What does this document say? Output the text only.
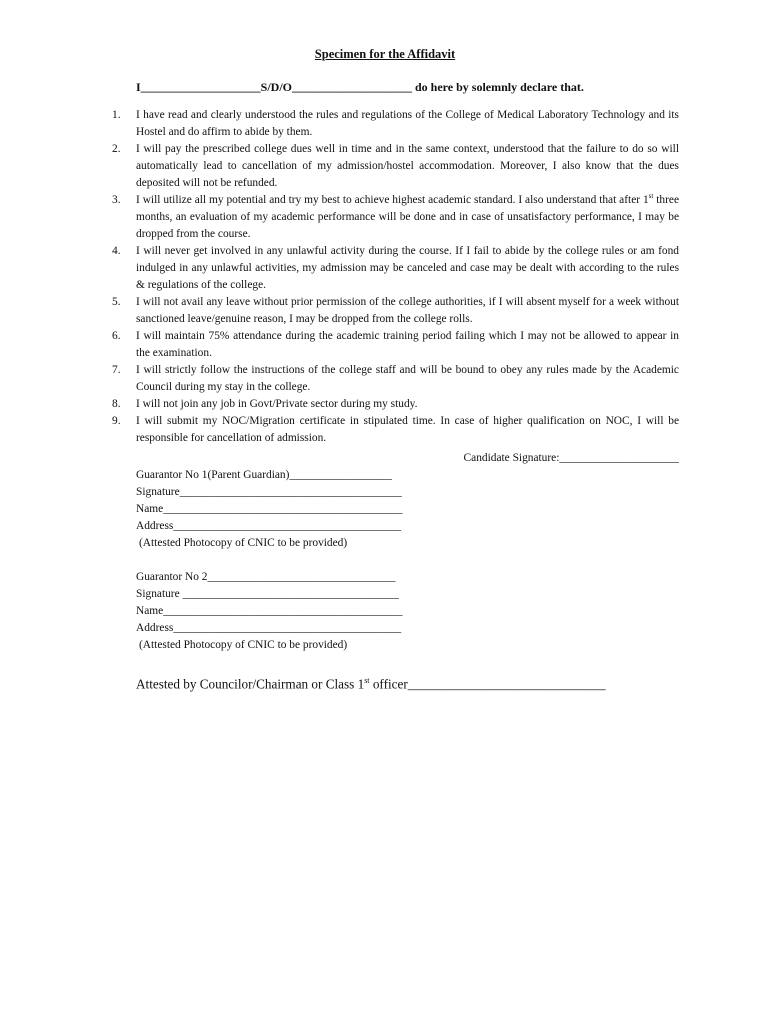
Specimen for the Affidavit
I____________________S/D/O____________________ do here by solemnly declare that.
1. I have read and clearly understood the rules and regulations of the College of Medical Laboratory Technology and its Hostel and do affirm to abide by them.
2. I will pay the prescribed college dues well in time and in the same context, understood that the failure to do so will automatically lead to cancellation of my admission/hostel accommodation. Moreover, I also know that the dues deposited will not be refunded.
3. I will utilize all my potential and try my best to achieve highest academic standard. I also understand that after 1st three months, an evaluation of my academic performance will be done and in case of unsatisfactory performance, I may be dropped from the course.
4. I will never get involved in any unlawful activity during the course. If I fail to abide by the college rules or am fond indulged in any unlawful activities, my admission may be canceled and case may be dealt with according to the rules & regulations of the college.
5. I will not avail any leave without prior permission of the college authorities, if I will absent myself for a week without sanctioned leave/genuine reason, I may be dropped from the college rolls.
6. I will maintain 75% attendance during the academic training period failing which I may not be allowed to appear in the examination.
7. I will strictly follow the instructions of the college staff and will be bound to obey any rules made by the Academic Council during my stay in the college.
8. I will not join any job in Govt/Private sector during my study.
9. I will submit my NOC/Migration certificate in stipulated time. In case of higher qualification on NOC, I will be responsible for cancellation of admission.
Candidate Signature:_____________________
Guarantor No 1(Parent Guardian)__________________
Signature_______________________________________
Name__________________________________________
Address________________________________________
(Attested Photocopy of CNIC to be provided)
Guarantor No 2_________________________________
Signature ______________________________________
Name__________________________________________
Address________________________________________
(Attested Photocopy of CNIC to be provided)
Attested by Councilor/Chairman or Class 1st officer______________________________
